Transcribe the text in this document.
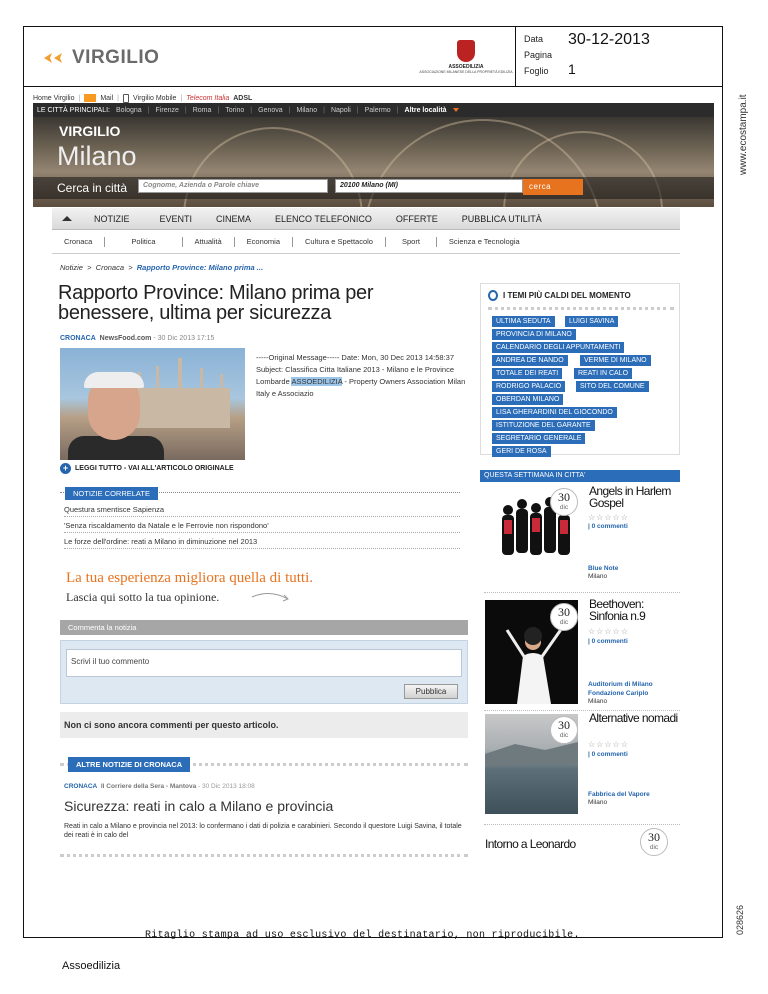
Data 30-12-2013
Pagina
Foglio 1
VIRGILIO	ASSOEDILIZIA
ASSOCIAZIONE MILANESE DELLA PROPRIETÀ EDILIZIA
www.ecostampa.it
028626
Home Virgilio |	Mail | Virgilio Mobile | Telecom Italia ADSL
LE CITTÀ PRINCIPALI: Bologna | Firenze | Roma | Torino | Genova | Milano | Napoli | Palermo | Altre località
VIRGILIO
Milano
Cerca in città	Cognome, Azienda o Parole chiave	20100 Milano (MI)	cerca
NOTIZIE	EVENTI	CINEMA	ELENCO TELEFONICO	OFFERTE	PUBBLICA UTILITÀ
Cronaca	Politica	Attualità	Economia	Cultura e Spettacolo	Sport	Scienza e Tecnologia
Notizie > Cronaca > Rapporto Province: Milano prima ...
Rapporto Province: Milano prima per benessere, ultima per sicurezza
CRONACA NewsFood.com - 30 Dic 2013 17:15
-----Original Message----- Date: Mon, 30 Dec 2013 14:58:37 Subject: Classifica Citta Italiane 2013 - Milano e le Province Lombarde ASSOEDILIZIA - Property Owners Association Milan Italy e Associazio
+ LEGGI TUTTO - VAI ALL'ARTICOLO ORIGINALE
NOTIZIE CORRELATE
Questura smentisce Sapienza
'Senza riscaldamento da Natale e le Ferrovie non rispondono'
Le forze dell'ordine: reati a Milano in diminuzione nel 2013
La tua esperienza migliora quella di tutti.
Lascia qui sotto la tua opinione.
Commenta la notizia
Scrivi il tuo commento
Pubblica
Non ci sono ancora commenti per questo articolo.
ALTRE NOTIZIE DI CRONACA
CRONACA Il Corriere della Sera - Mantova - 30 Dic 2013 18:08
Sicurezza: reati in calo a Milano e provincia
Reati in calo a Milano e provincia nel 2013: lo confermano i dati di polizia e carabinieri. Secondo il questore Luigi Savina, il totale dei reati è in calo del
I TEMI PIÙ CALDI DEL MOMENTO
ULTIMA SEDUTA	LUIGI SAVINA
PROVINCIA DI MILANO
CALENDARIO DEGLI APPUNTAMENTI
ANDREA DE NANDO	VERME DI MILANO
TOTALE DEI REATI	REATI IN CALO
RODRIGO PALACIO	SITO DEL COMUNE
OBERDAN MILANO
LISA GHERARDINI DEL GIOCONDO
ISTITUZIONE DEL GARANTE
SEGRETARIO GENERALE
GERI DE ROSA
QUESTA SETTIMANA IN CITTA'
30
dic
Angels in Harlem Gospel
☆☆☆☆☆
| 0 commenti
Blue Note
Milano
30
dic
Beethoven: Sinfonia n.9
☆☆☆☆☆
| 0 commenti
Auditorium di Milano Fondazione Cariplo
Milano
30
dic
Alternative nomadi
☆☆☆☆☆
| 0 commenti
Fabbrica del Vapore
Milano
Intorno a Leonardo	30
dic
Ritaglio stampa ad uso esclusivo del destinatario, non riproducibile.
Assoedilizia
